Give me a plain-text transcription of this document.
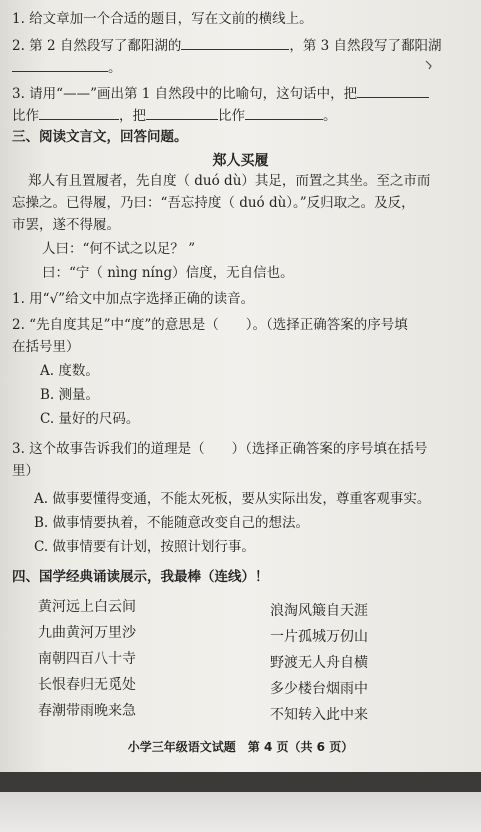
1. 给文章加一个合适的题目，写在文前的横线上。
2. 第 2 自然段写了鄱阳湖的	，第 3 自然段写了鄱阳湖
。
3. 请用“——”画出第 1 自然段中的比喻句，这句话中，把
比作	，把	比作	。
三、阅读文言文，回答问题。
郑人买履
郑人有且置履者，先自度（ duó dù）其足，而置之其坐。至之市而
忘操之。已得履，乃曰：“吾忘持度（ duó dù）。”反归取之。及反，
市罢，遂不得履。
人曰：“何不试之以足？ ”
曰：“宁（ nìng níng）信度，无自信也。
1. 用“√”给文中加点字选择正确的读音。
2. “先自度其足”中“度”的意思是（　　）。（选择正确答案的序号填
在括号里）
A. 度数。
B. 测量。
C. 量好的尺码。
3. 这个故事告诉我们的道理是（　　）（选择正确答案的序号填在括号
里）
A. 做事要懂得变通，不能太死板，要从实际出发，尊重客观事实。
B. 做事情要执着，不能随意改变自己的想法。
C. 做事情要有计划，按照计划行事。
四、国学经典诵读展示，我最棒（连线）！
黄河远上白云间
九曲黄河万里沙
南朝四百八十寺
长恨春归无觅处
春潮带雨晚来急
浪淘风簸自天涯
一片孤城万仞山
野渡无人舟自横
多少楼台烟雨中
不知转入此中来
小学三年级语文试题　第 4 页（共 6 页）
